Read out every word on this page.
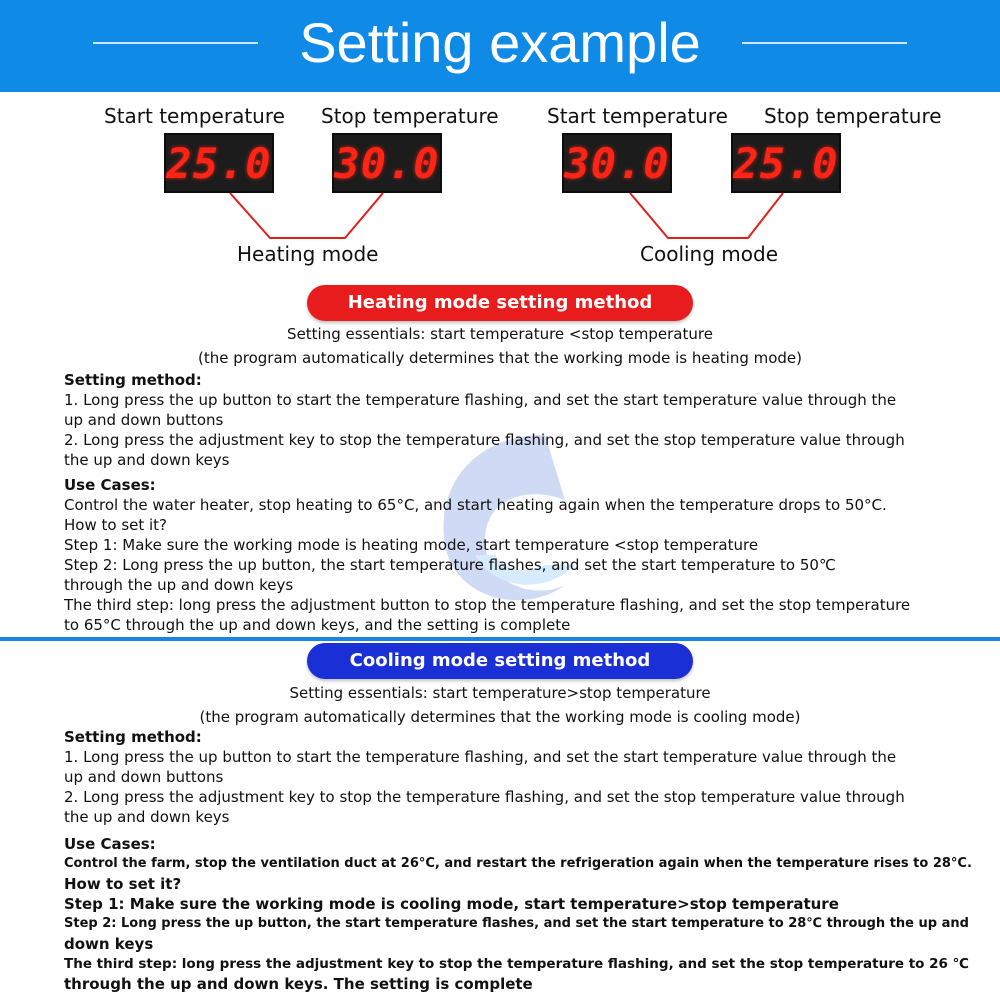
Setting example
Start temperature Stop temperature Start temperature Stop temperature
25.0 30.0	30.0 25.0
Heating mode	Cooling mode
Heating mode setting method
Setting essentials: start temperature <stop temperature
(the program automatically determines that the working mode is heating mode)
Setting method:
1. Long press the up button to start the temperature flashing, and set the start temperature value through the
up and down buttons
2. Long press the adjustment key to stop the temperature flashing, and set the stop temperature value through
the up and down keys
Use Cases:
Control the water heater, stop heating to 65°C, and start heating again when the temperature drops to 50°C.
How to set it?
Step 1: Make sure the working mode is heating mode, start temperature <stop temperature
Step 2: Long press the up button, the start temperature flashes, and set the start temperature to 50℃
through the up and down keys
The third step: long press the adjustment button to stop the temperature flashing, and set the stop temperature
to 65°C through the up and down keys, and the setting is complete
Cooling mode setting method
Setting essentials: start temperature>stop temperature
(the program automatically determines that the working mode is cooling mode)
Setting method:
1. Long press the up button to start the temperature flashing, and set the start temperature value through the
up and down buttons
2. Long press the adjustment key to stop the temperature flashing, and set the stop temperature value through
the up and down keys
Use Cases:
Control the farm, stop the ventilation duct at 26°C, and restart the refrigeration again when the temperature rises to 28°C.
How to set it?
Step 1: Make sure the working mode is cooling mode, start temperature>stop temperature
Step 2: Long press the up button, the start temperature flashes, and set the start temperature to 28℃ through the up and
down keys
The third step: long press the adjustment key to stop the temperature flashing, and set the stop temperature to 26 ℃
through the up and down keys. The setting is complete
